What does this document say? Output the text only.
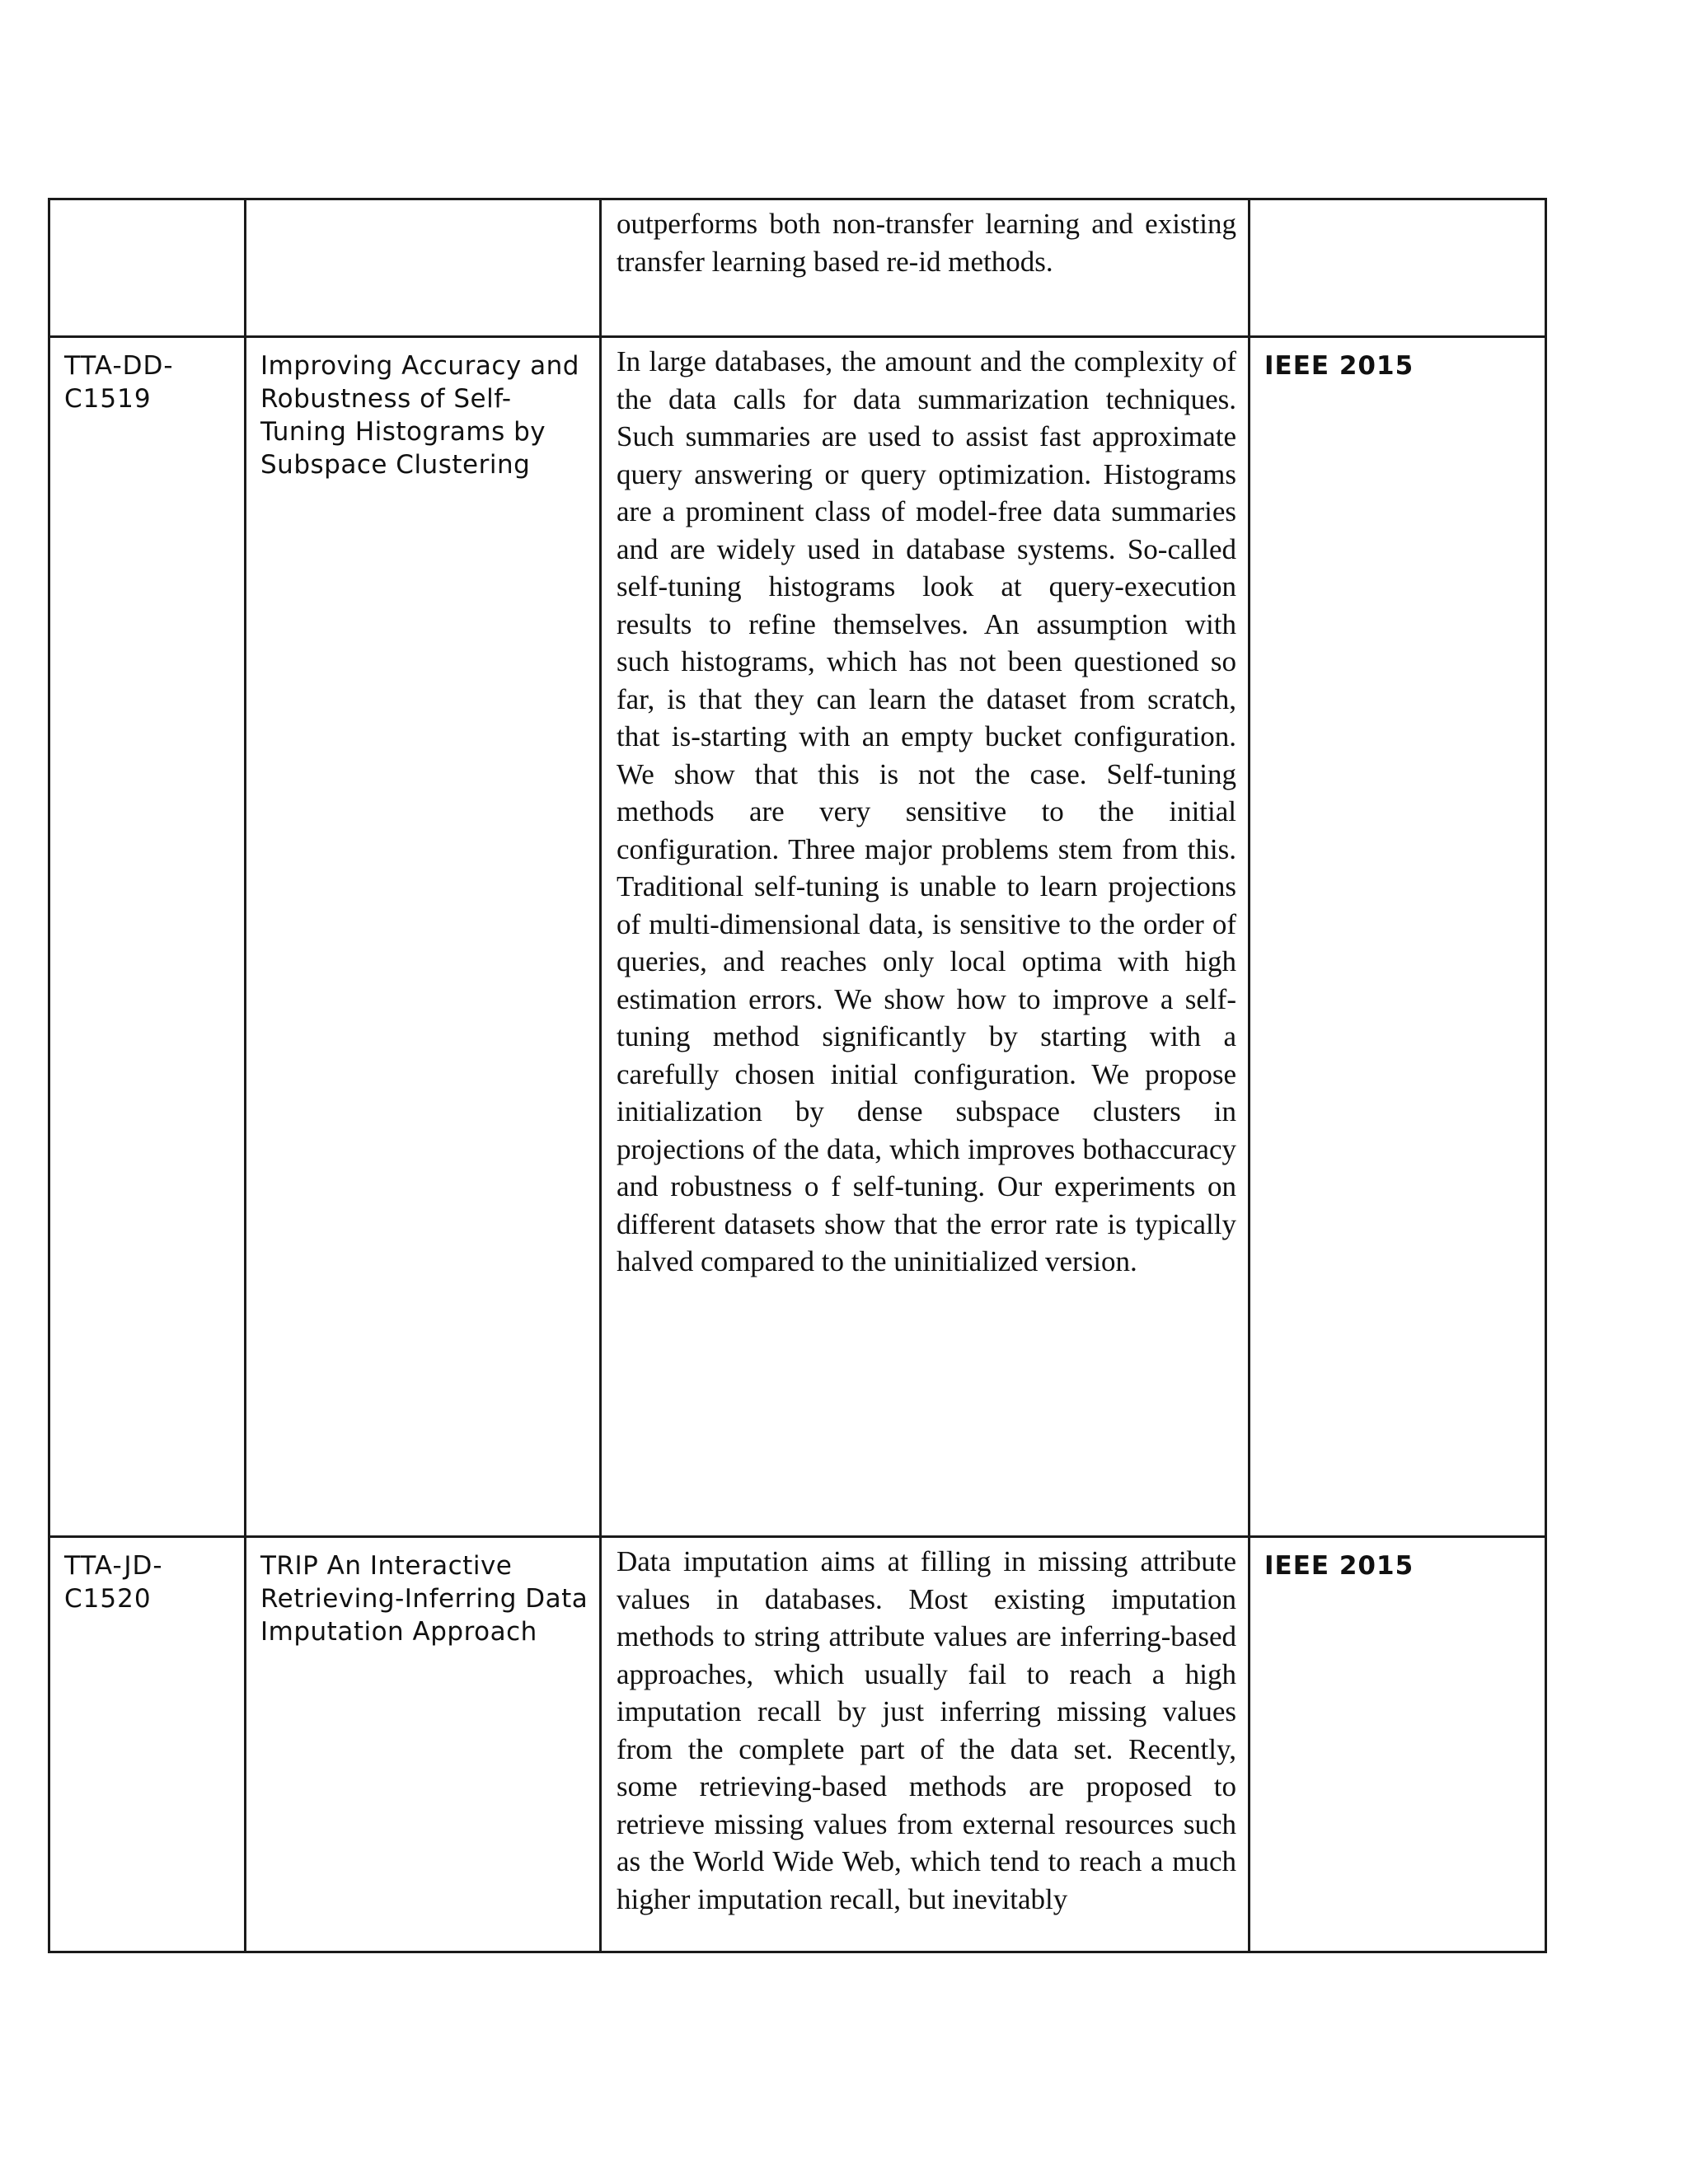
		outperforms both non-transfer learning and existing transfer learning based re-id methods.	

TTA-DD-C1519	Improving Accuracy and Robustness of Self-Tuning Histograms by Subspace Clustering	In large databases, the amount and the complexity of the data calls for data summarization techniques. Such summaries are used to assist fast approximate query answering or query optimization. Histograms are a prominent class of model-free data summaries and are widely used in database systems. So-called self-tuning histograms look at query-execution results to refine themselves. An assumption with such histograms, which has not been questioned so far, is that they can learn the dataset from scratch, that is-starting with an empty bucket configuration. We show that this is not the case. Self-tuning methods are very sensitive to the initial configuration. Three major problems stem from this. Traditional self-tuning is unable to learn projections of multi-dimensional data, is sensitive to the order of queries, and reaches only local optima with high estimation errors. We show how to improve a self-tuning method significantly by starting with a carefully chosen initial configuration. We propose initialization by dense subspace clusters in projections of the data, which improves bothaccuracy and robustness o f self-tuning. Our experiments on different datasets show that the error rate is typically halved compared to the uninitialized version.	IEEE 2015

TTA-JD-C1520	TRIP An Interactive Retrieving-Inferring Data Imputation Approach	Data imputation aims at filling in missing attribute values in databases. Most existing imputation methods to string attribute values are inferring-based approaches, which usually fail to reach a high imputation recall by just inferring missing values from the complete part of the data set. Recently, some retrieving-based methods are proposed to retrieve missing values from external resources such as the World Wide Web, which tend to reach a much higher imputation recall, but inevitably	IEEE 2015
